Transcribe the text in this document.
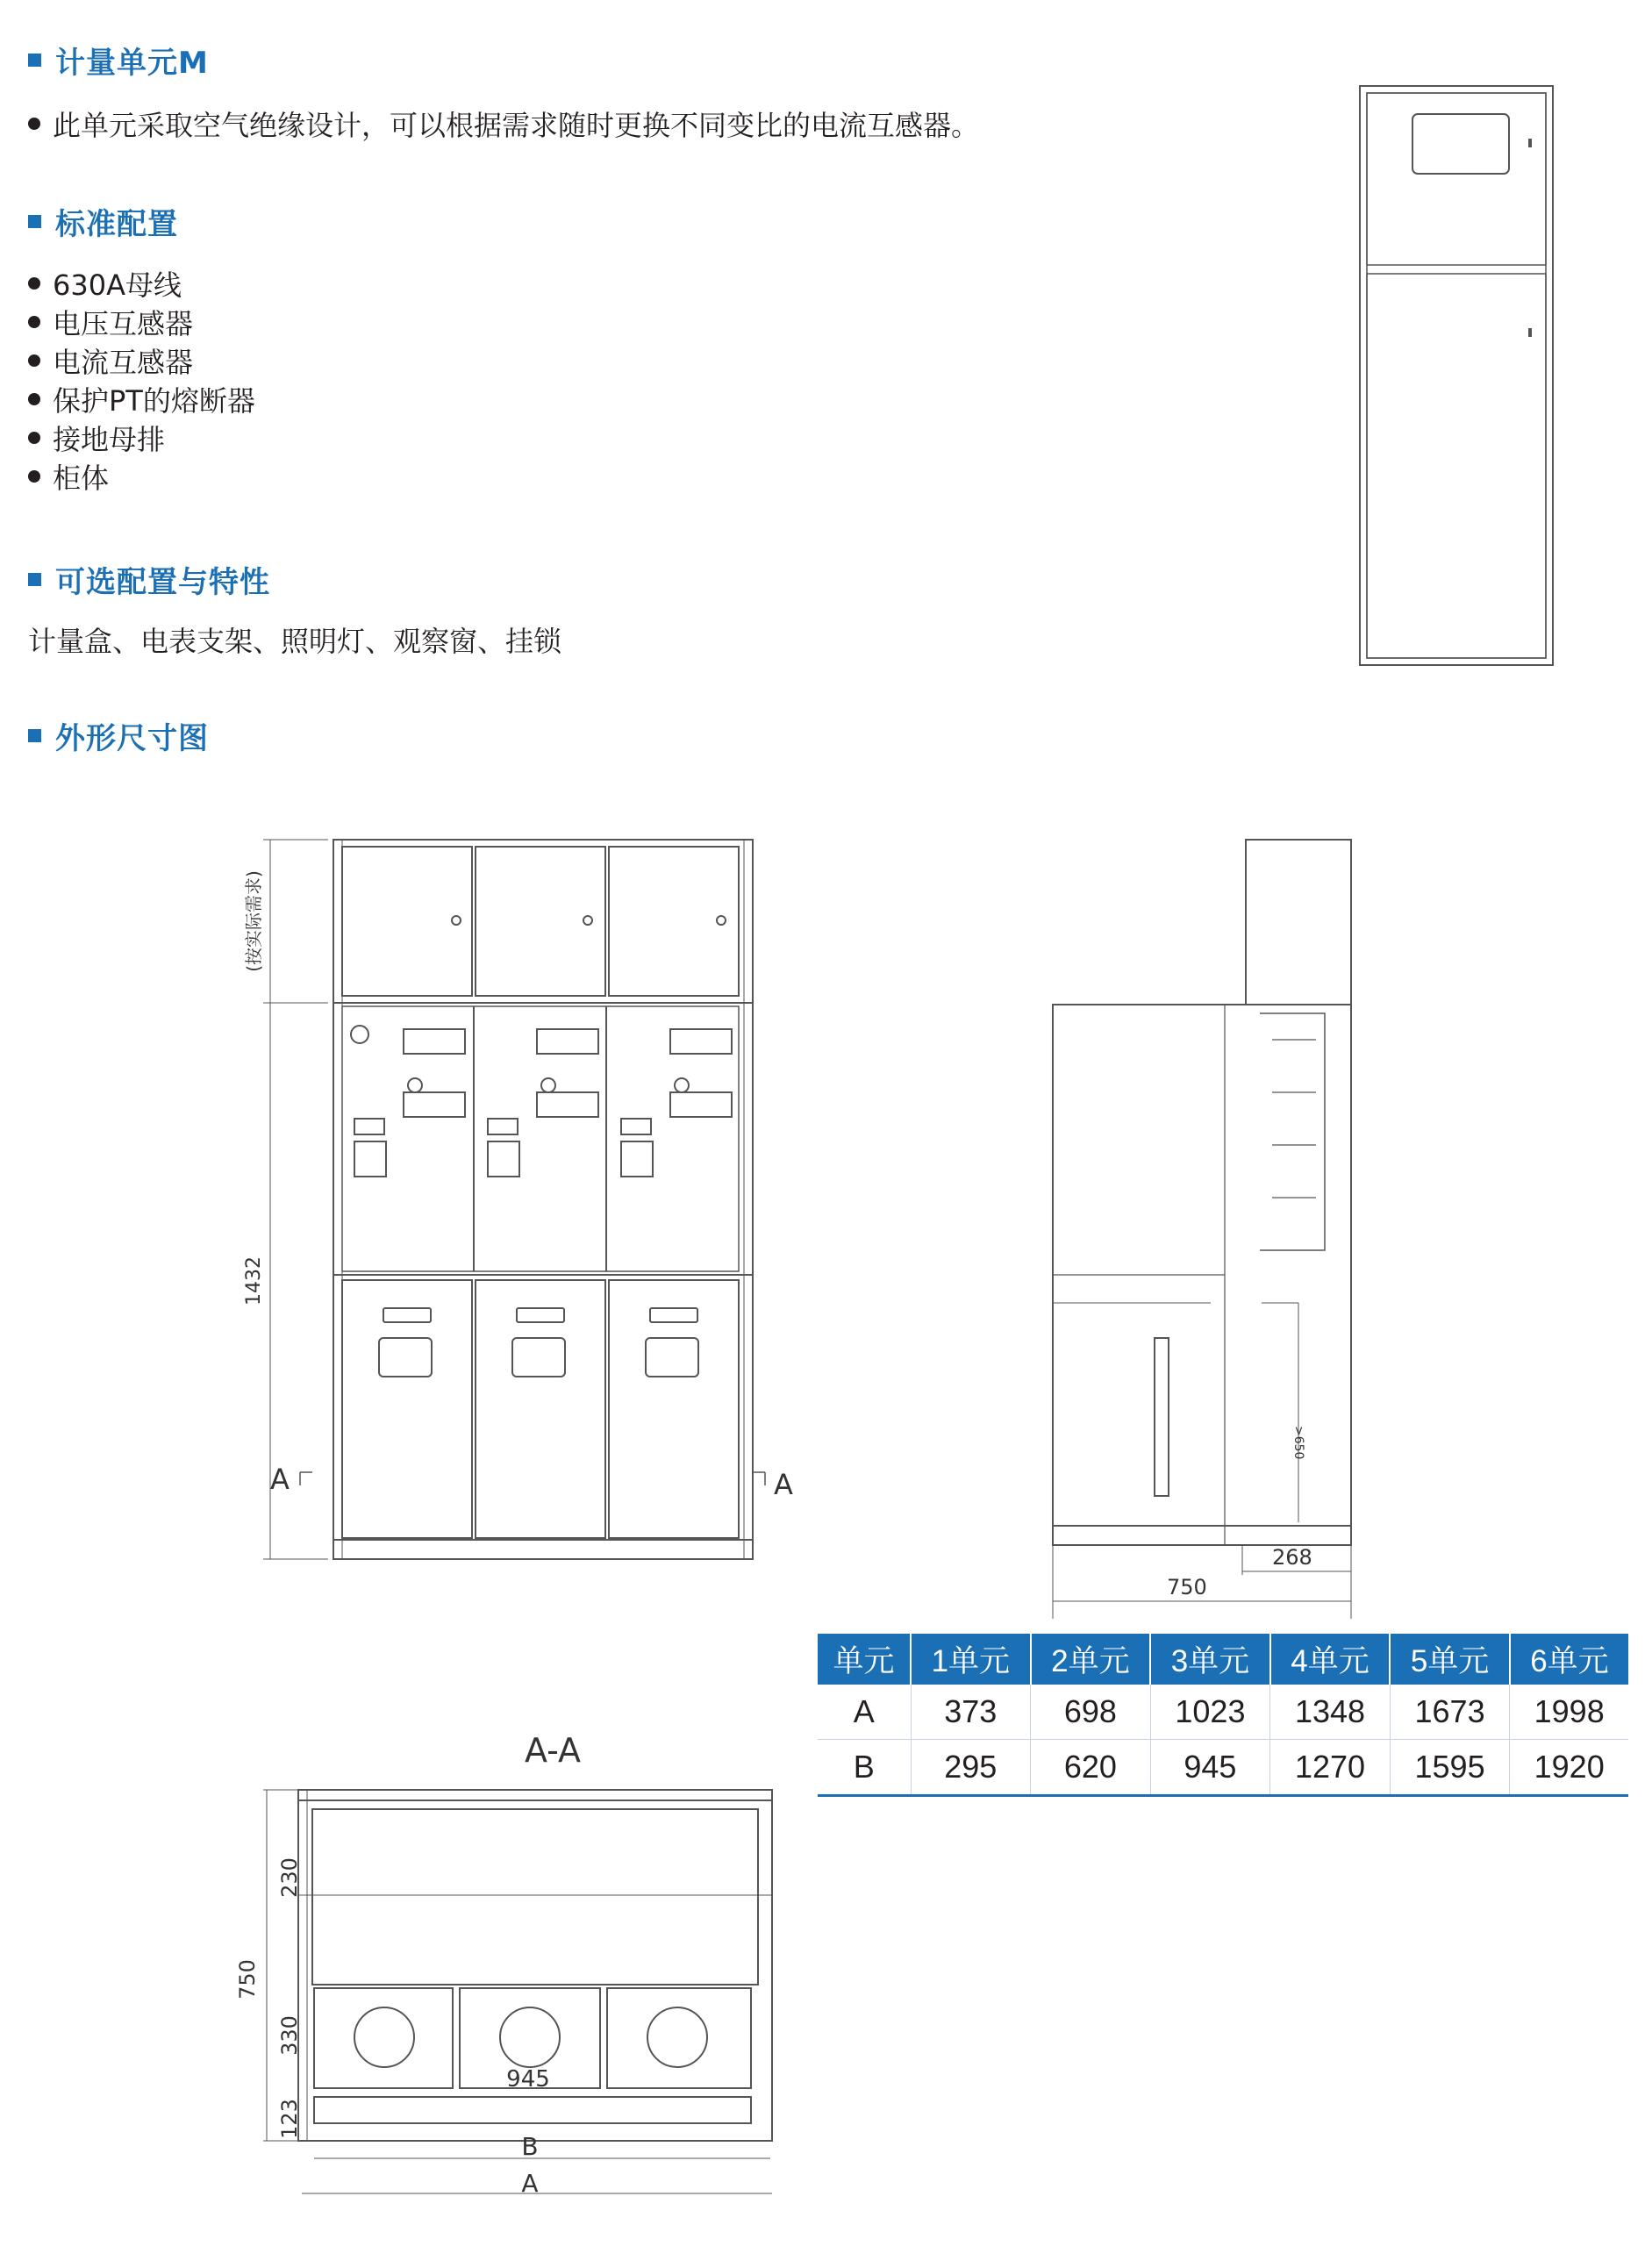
计量单元M
此单元采取空气绝缘设计，可以根据需求随时更换不同变比的电流互感器。
标准配置
630A母线
电压互感器
电流互感器
保护PT的熔断器
接地母排
柜体
可选配置与特性
计量盒、电表支架、照明灯、观察窗、挂锁
外形尺寸图
(按实际需求)
1432
A	A
750
268
>650
A-A
750
230
330
123
945
B
A
单元	1单元	2单元	3单元	4单元	5单元	6单元
A	373	698	1023	1348	1673	1998
B	295	620	945	1270	1595	1920
